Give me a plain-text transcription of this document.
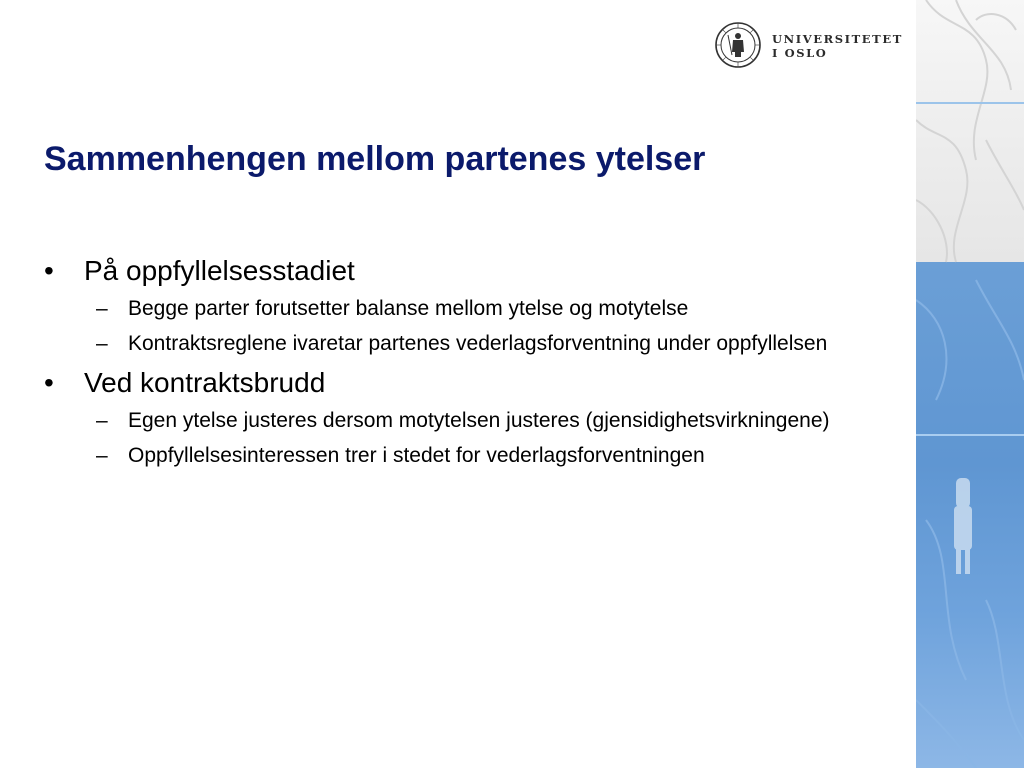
UNIVERSITETET
I OSLO
Sammenhengen mellom partenes ytelser
•	På oppfyllelsesstadiet
– Begge parter forutsetter balanse mellom ytelse og motytelse
– Kontraktsreglene ivaretar partenes vederlagsforventning under oppfyllelsen
•	Ved kontraktsbrudd
– Egen ytelse justeres dersom motytelsen justeres (gjensidighetsvirkningene)
– Oppfyllelsesinteressen trer i stedet for vederlagsforventningen
